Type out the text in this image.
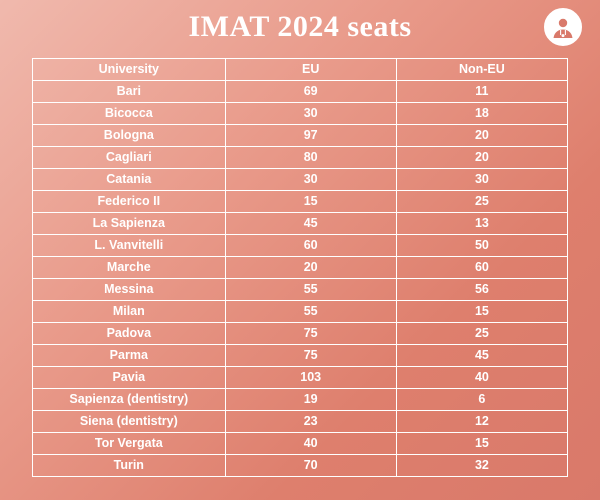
IMAT 2024 seats
University	EU	Non-EU
Bari	69	11
Bicocca	30	18
Bologna	97	20
Cagliari	80	20
Catania	30	30
Federico II	15	25
La Sapienza	45	13
L. Vanvitelli	60	50
Marche	20	60
Messina	55	56
Milan	55	15
Padova	75	25
Parma	75	45
Pavia	103	40
Sapienza (dentistry)	19	6
Siena (dentistry)	23	12
Tor Vergata	40	15
Turin	70	32
